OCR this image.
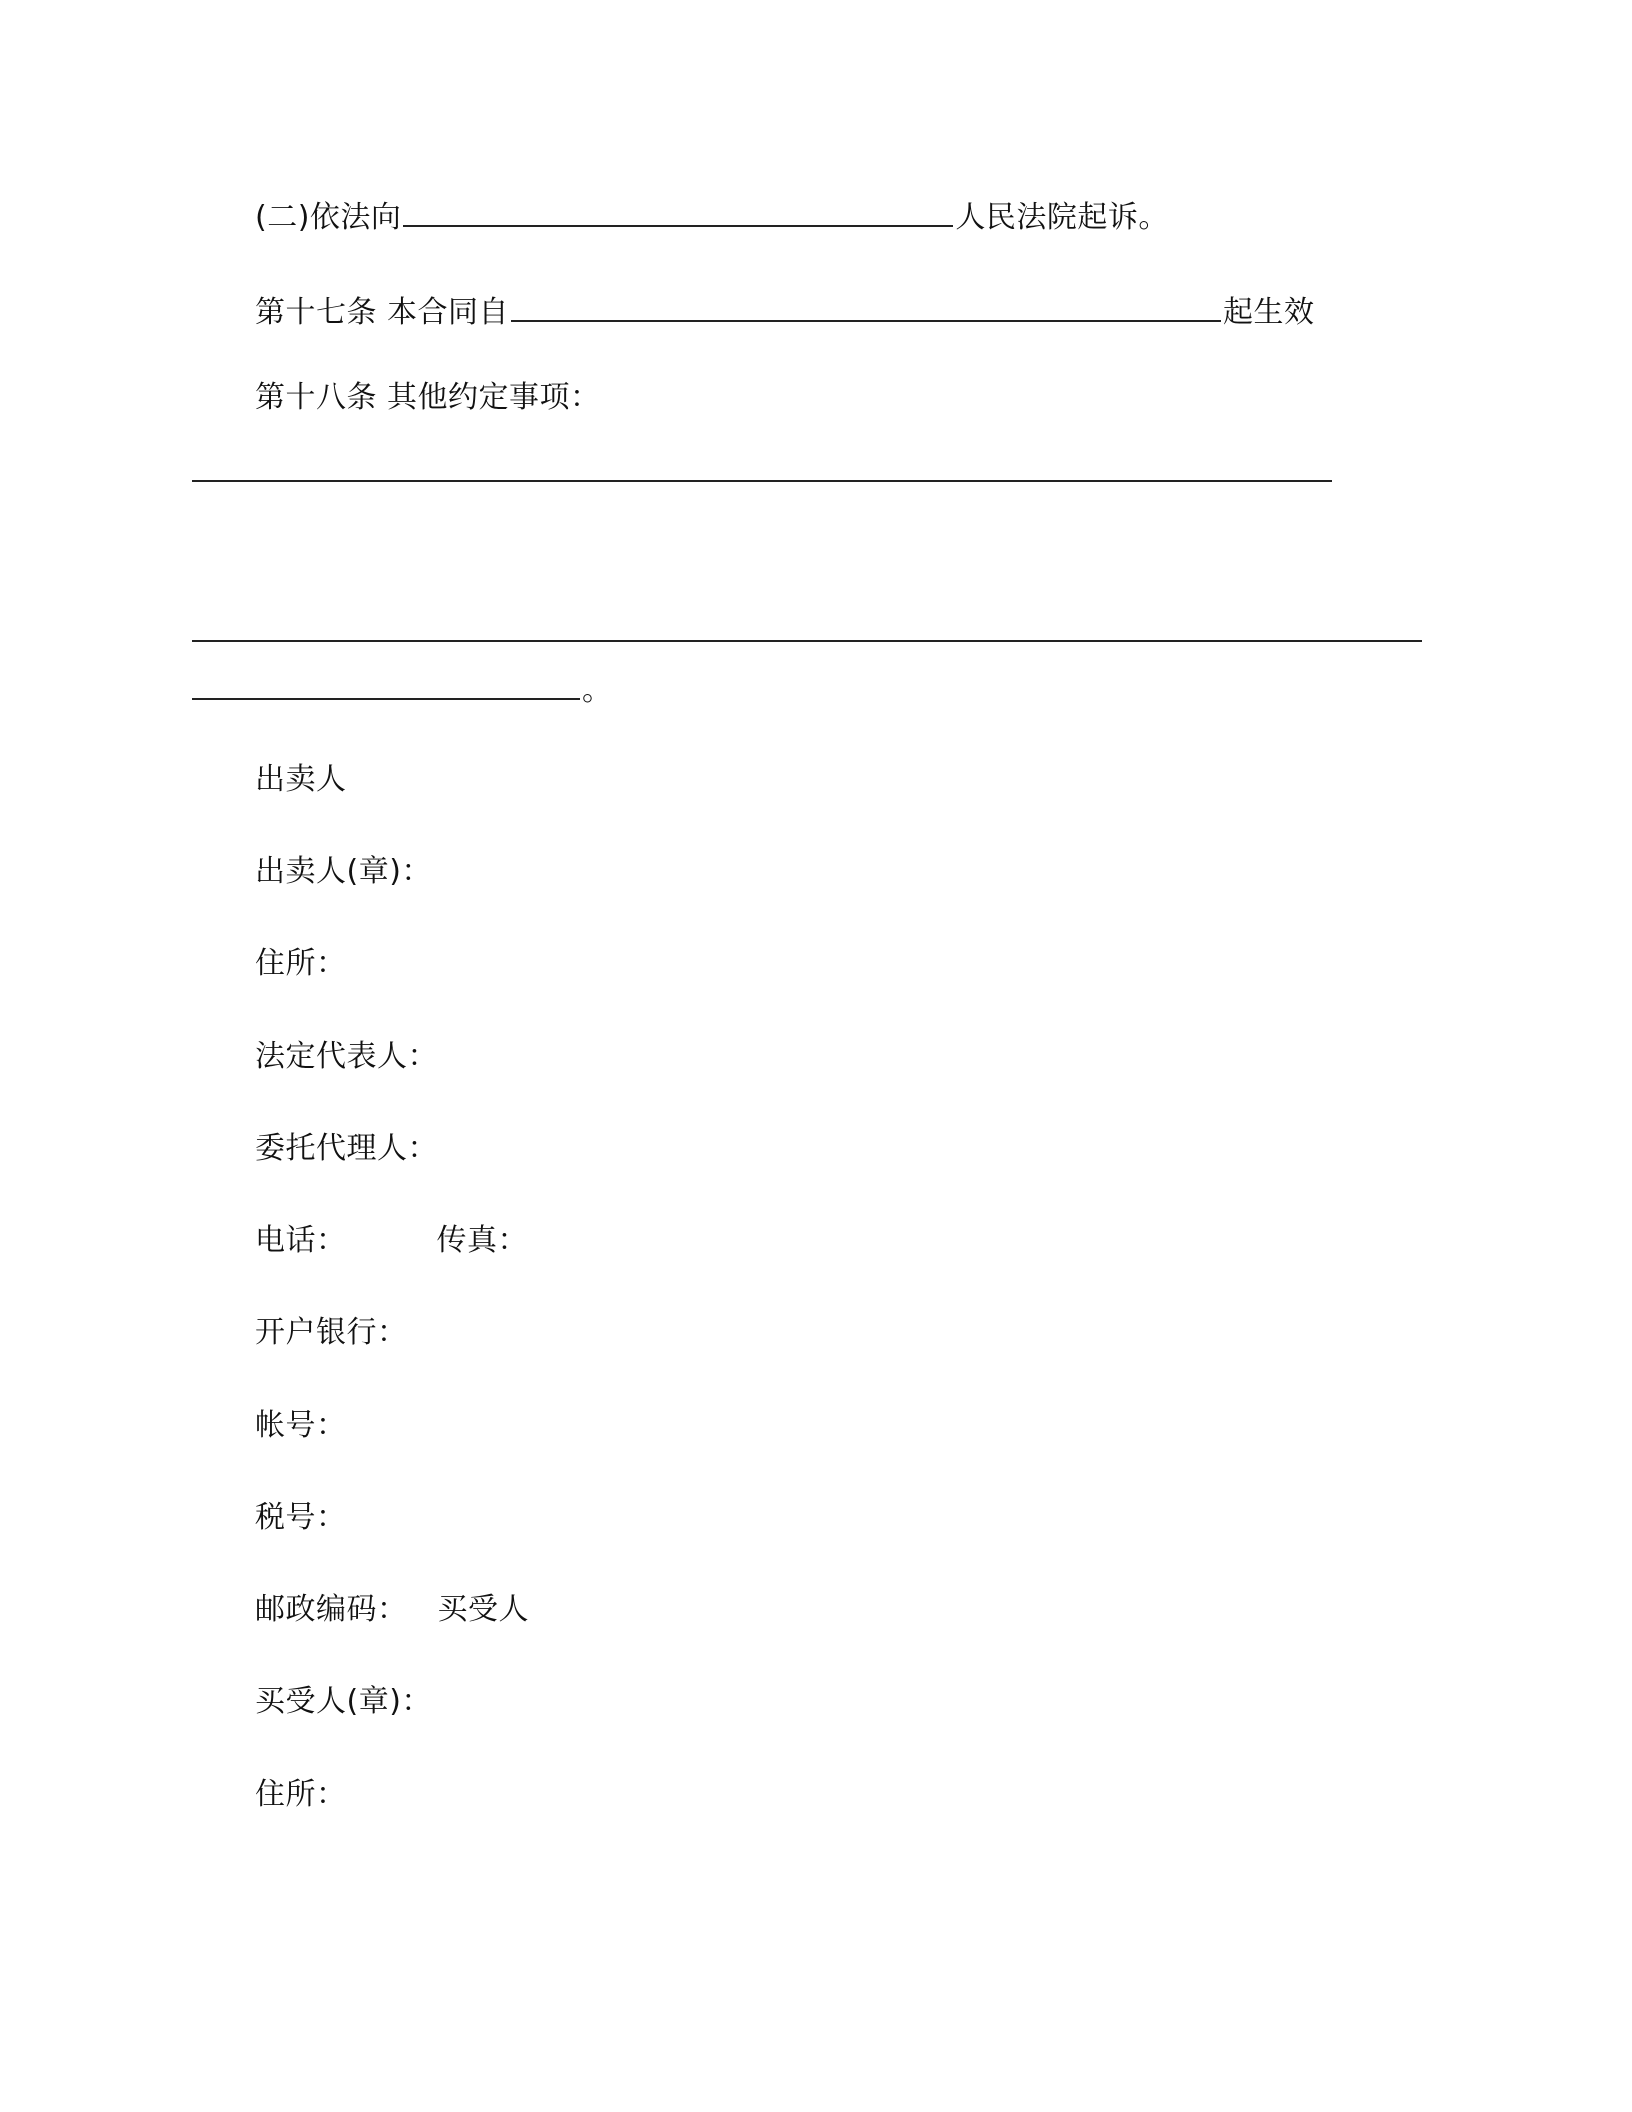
(二)依法向	人民法院起诉。
第十七条 本合同自	起生效
第十八条 其他约定事项：
。
出卖人
出卖人(章)：
住所：
法定代表人：
委托代理人：
电话：	传真：
开户银行：
帐号：
税号：
邮政编码： 买受人
买受人(章)：
住所：
